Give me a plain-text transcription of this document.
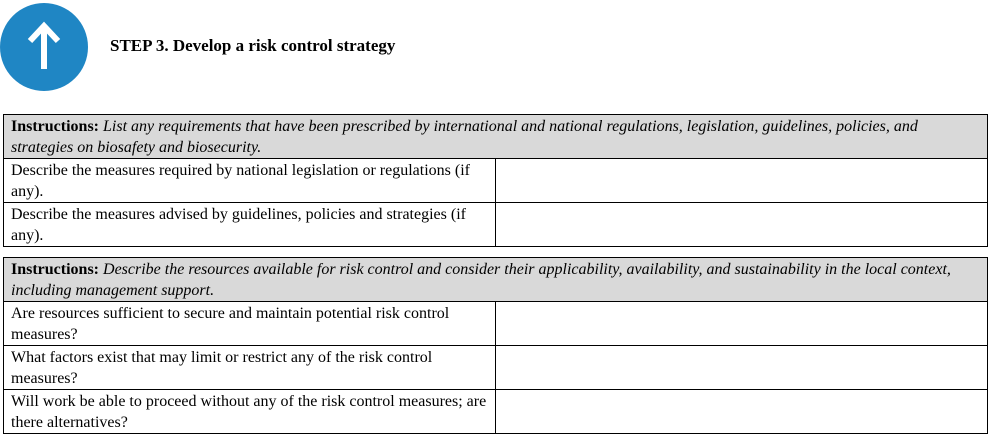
STEP 3. Develop a risk control strategy
Instructions: List any requirements that have been prescribed by international and national regulations, legislation, guidelines, policies, and strategies on biosafety and biosecurity.	
Describe the measures required by national legislation or regulations (if any).	
Describe the measures advised by guidelines, policies and strategies (if any).	
Instructions: Describe the resources available for risk control and consider their applicability, availability, and sustainability in the local context, including management support.	
Are resources sufficient to secure and maintain potential risk control measures?	
What factors exist that may limit or restrict any of the risk control measures?	
Will work be able to proceed without any of the risk control measures; are there alternatives?	
